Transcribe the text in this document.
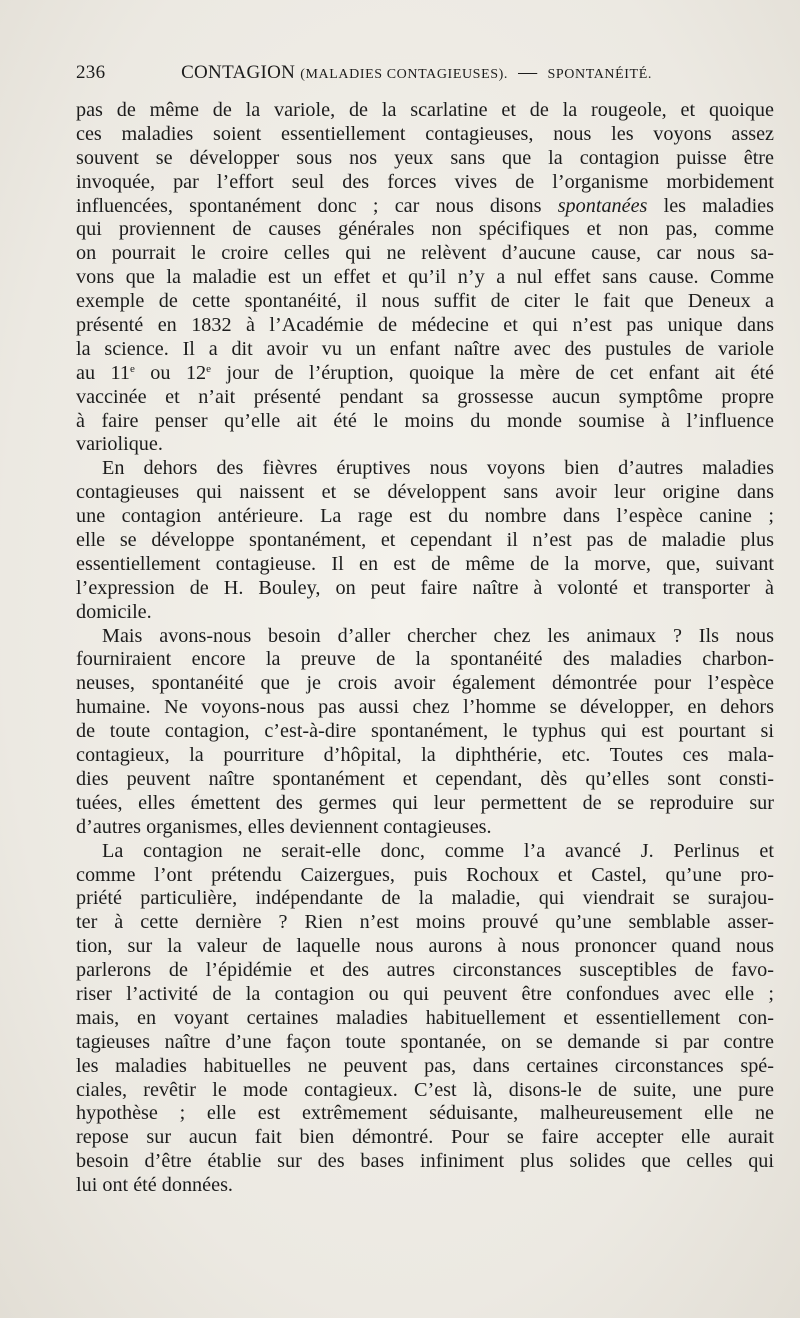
236	CONTAGION (MALADIES CONTAGIEUSES). — SPONTANÉITÉ.
pas de même de la variole, de la scarlatine et de la rougeole, et quoique
ces maladies soient essentiellement contagieuses, nous les voyons assez
souvent se développer sous nos yeux sans que la contagion puisse être
invoquée, par l’effort seul des forces vives de l’organisme morbidement
influencées, spontanément donc ; car nous disons spontanées les maladies
qui proviennent de causes générales non spécifiques et non pas, comme
on pourrait le croire celles qui ne relèvent d’aucune cause, car nous sa-
vons que la maladie est un effet et qu’il n’y a nul effet sans cause. Comme
exemple de cette spontanéité, il nous suffit de citer le fait que Deneux a
présenté en 1832 à l’Académie de médecine et qui n’est pas unique dans
la science. Il a dit avoir vu un enfant naître avec des pustules de variole
au 11e ou 12e jour de l’éruption, quoique la mère de cet enfant ait été
vaccinée et n’ait présenté pendant sa grossesse aucun symptôme propre
à faire penser qu’elle ait été le moins du monde soumise à l’influence
variolique.
En dehors des fièvres éruptives nous voyons bien d’autres maladies
contagieuses qui naissent et se développent sans avoir leur origine dans
une contagion antérieure. La rage est du nombre dans l’espèce canine ;
elle se développe spontanément, et cependant il n’est pas de maladie plus
essentiellement contagieuse. Il en est de même de la morve, que, suivant
l’expression de H. Bouley, on peut faire naître à volonté et transporter à
domicile.
Mais avons-nous besoin d’aller chercher chez les animaux ? Ils nous
fourniraient encore la preuve de la spontanéité des maladies charbon-
neuses, spontanéité que je crois avoir également démontrée pour l’espèce
humaine. Ne voyons-nous pas aussi chez l’homme se développer, en dehors
de toute contagion, c’est-à-dire spontanément, le typhus qui est pourtant si
contagieux, la pourriture d’hôpital, la diphthérie, etc. Toutes ces mala-
dies peuvent naître spontanément et cependant, dès qu’elles sont consti-
tuées, elles émettent des germes qui leur permettent de se reproduire sur
d’autres organismes, elles deviennent contagieuses.
La contagion ne serait-elle donc, comme l’a avancé J. Perlinus et
comme l’ont prétendu Caizergues, puis Rochoux et Castel, qu’une pro-
priété particulière, indépendante de la maladie, qui viendrait se surajou-
ter à cette dernière ? Rien n’est moins prouvé qu’une semblable asser-
tion, sur la valeur de laquelle nous aurons à nous prononcer quand nous
parlerons de l’épidémie et des autres circonstances susceptibles de favo-
riser l’activité de la contagion ou qui peuvent être confondues avec elle ;
mais, en voyant certaines maladies habituellement et essentiellement con-
tagieuses naître d’une façon toute spontanée, on se demande si par contre
les maladies habituelles ne peuvent pas, dans certaines circonstances spé-
ciales, revêtir le mode contagieux. C’est là, disons-le de suite, une pure
hypothèse ; elle est extrêmement séduisante, malheureusement elle ne
repose sur aucun fait bien démontré. Pour se faire accepter elle aurait
besoin d’être établie sur des bases infiniment plus solides que celles qui
lui ont été données.
